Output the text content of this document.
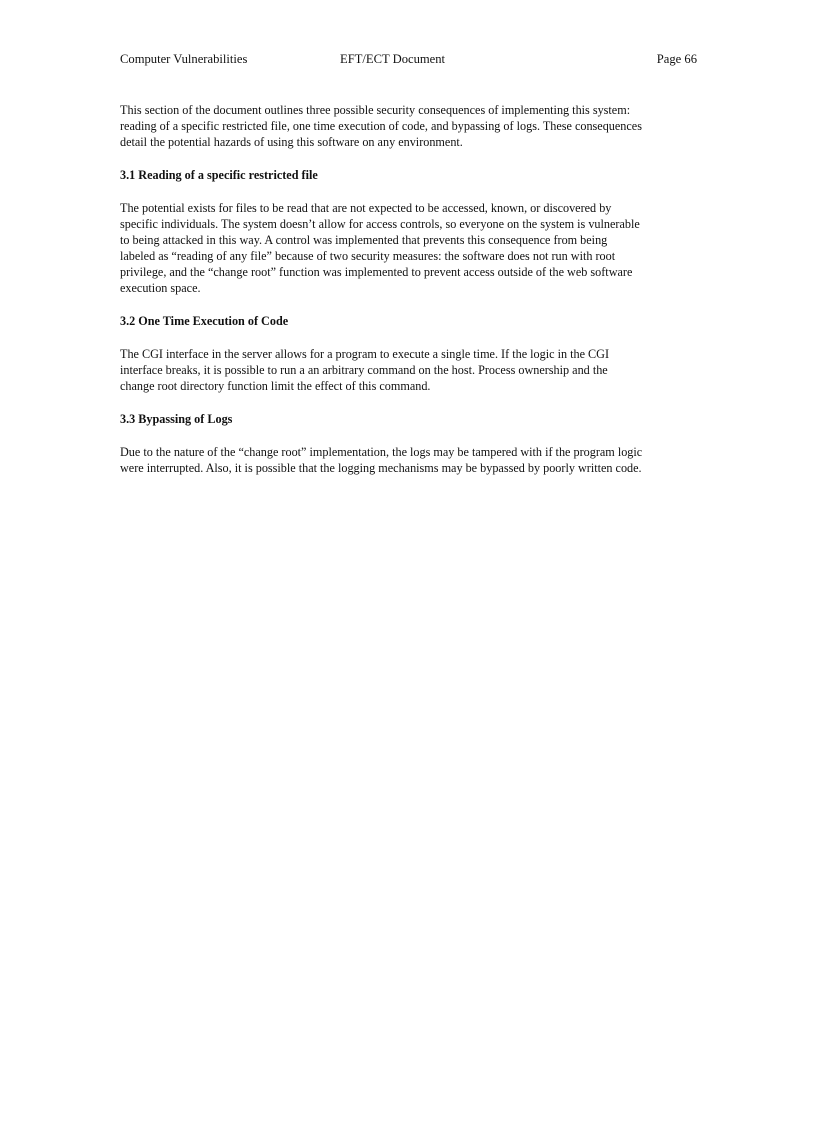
Computer Vulnerabilities	EFT/ECT Document	Page 66

This section of the document outlines three possible security consequences of implementing this system:
reading of a specific restricted file, one time execution of code, and bypassing of logs. These consequences
detail the potential hazards of using this software on any environment.

3.1 Reading of a specific restricted file

The potential exists for files to be read that are not expected to be accessed, known, or discovered by
specific individuals. The system doesn’t allow for access controls, so everyone on the system is vulnerable
to being attacked in this way. A control was implemented that prevents this consequence from being
labeled as “reading of any file” because of two security measures: the software does not run with root
privilege, and the “change root” function was implemented to prevent access outside of the web software
execution space.

3.2 One Time Execution of Code

The CGI interface in the server allows for a program to execute a single time. If the logic in the CGI
interface breaks, it is possible to run a an arbitrary command on the host. Process ownership and the
change root directory function limit the effect of this command.

3.3 Bypassing of Logs

Due to the nature of the “change root” implementation, the logs may be tampered with if the program logic
were interrupted. Also, it is possible that the logging mechanisms may be bypassed by poorly written code.
